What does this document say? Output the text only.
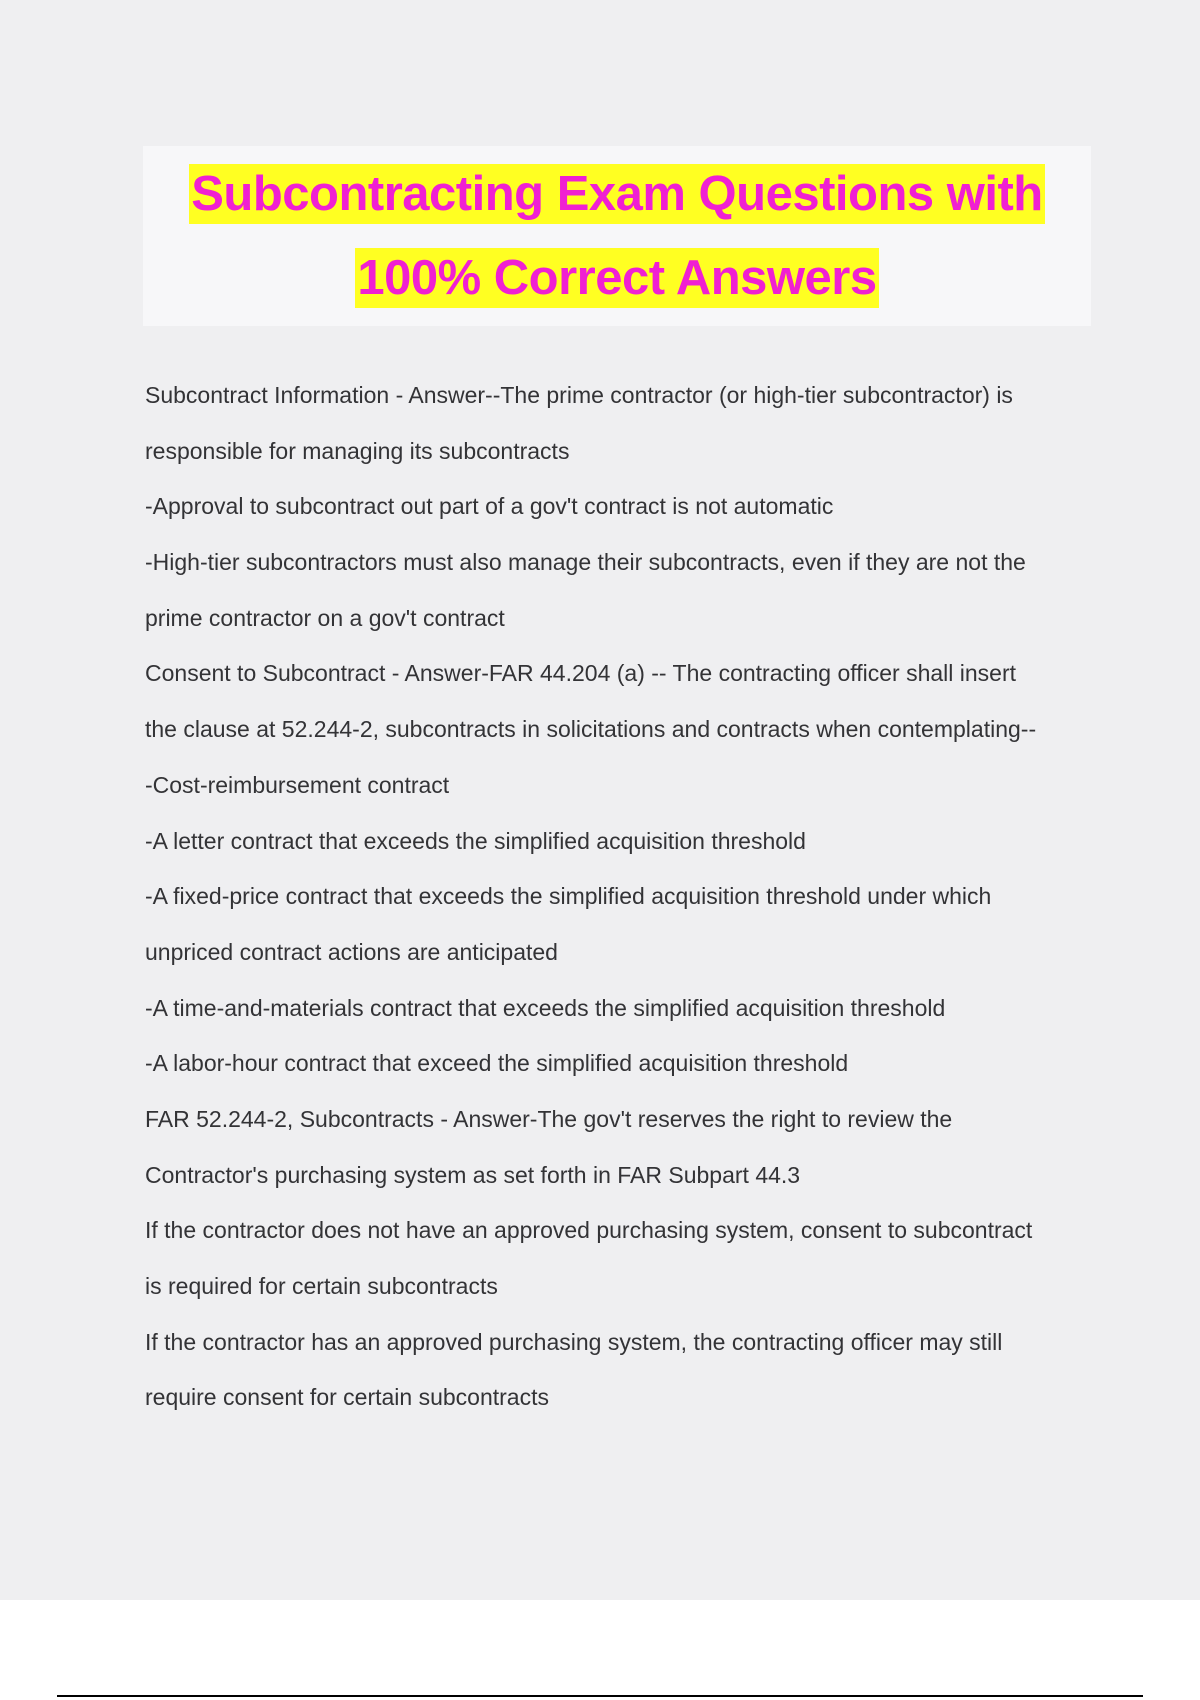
Subcontracting Exam Questions with
100% Correct Answers
Subcontract Information - Answer--The prime contractor (or high-tier subcontractor) is
responsible for managing its subcontracts
-Approval to subcontract out part of a gov't contract is not automatic
-High-tier subcontractors must also manage their subcontracts, even if they are not the
prime contractor on a gov't contract
Consent to Subcontract - Answer-FAR 44.204 (a) -- The contracting officer shall insert
the clause at 52.244-2, subcontracts in solicitations and contracts when contemplating--
-Cost-reimbursement contract
-A letter contract that exceeds the simplified acquisition threshold
-A fixed-price contract that exceeds the simplified acquisition threshold under which
unpriced contract actions are anticipated
-A time-and-materials contract that exceeds the simplified acquisition threshold
-A labor-hour contract that exceed the simplified acquisition threshold
FAR 52.244-2, Subcontracts - Answer-The gov't reserves the right to review the
Contractor's purchasing system as set forth in FAR Subpart 44.3
If the contractor does not have an approved purchasing system, consent to subcontract
is required for certain subcontracts
If the contractor has an approved purchasing system, the contracting officer may still
require consent for certain subcontracts
